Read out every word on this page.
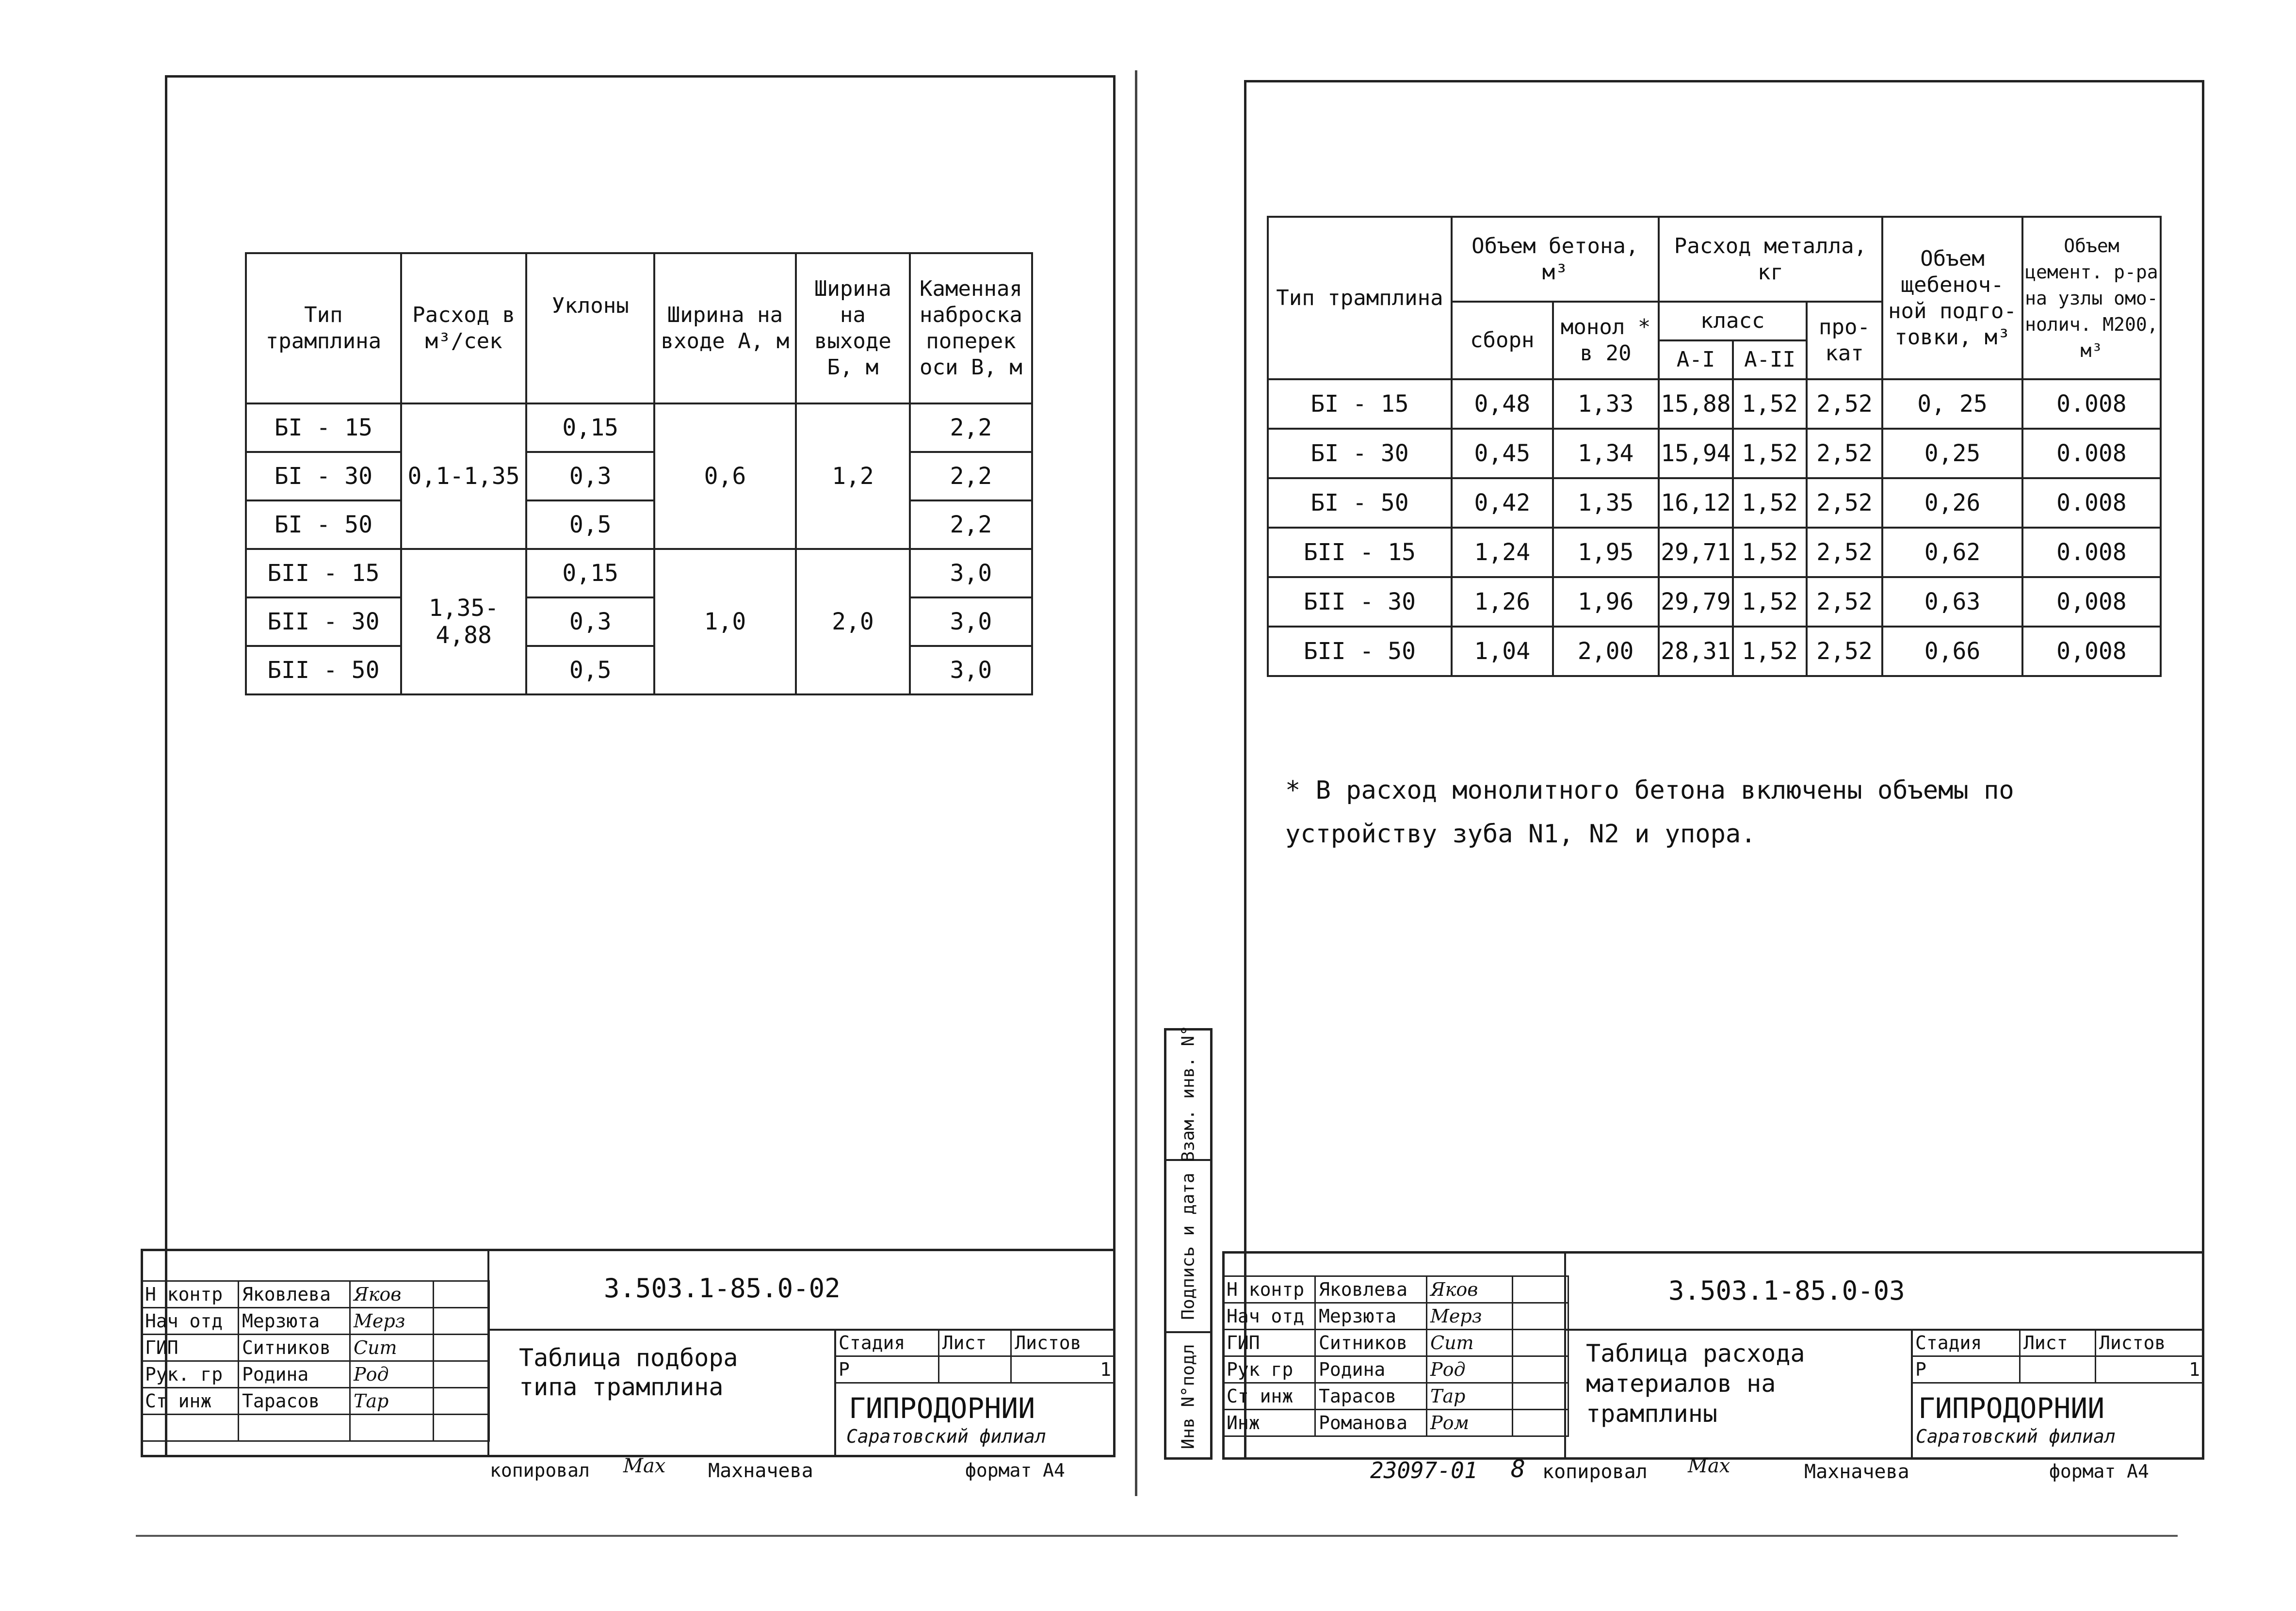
Тип трамплина	Расход в м³/сек	Уклоны	Ширина на входе А, м	Ширина на выходе Б, м	Каменная наброска поперек оси В, м
БI - 15	0,1-1,35	0,15	0,6	1,2	2,2
БI - 30		0,3			2,2
БI - 50		0,5			2,2
БII - 15	1,35-4,88	0,15	1,0	2,0	3,0
БII - 30		0,3			3,0
БII - 50		0,5			3,0
Н контр	Яковлева	Яков	
Нач отд	Мерзюта	Мерз	
ГИП	Ситников	Сит	
Рук. гр	Родина	Род	
Ст инж	Тарасов	Тар	

3.503.1-85.0-02
Таблица подбора типа трамплина
Стадия	Лист	Листов
Р		1
ГИПРОДОРНИИ
Саратовский филиал
копировал Мах Махначева	формат А4
Тип трамплина	Объем бетона, м³		Расход металла, кг			Объем щебеноч- ной подго- товки, м³	Объем цемент. р-ра на узлы омо- нолич. М200, м³
	сборн	монол * в 20	класс		про- кат		
			А-I	А-II			
БI - 15	0,48	1,33	15,88	1,52	2,52	0, 25	0.008
БI - 30	0,45	1,34	15,94	1,52	2,52	0,25	0.008
БI - 50	0,42	1,35	16,12	1,52	2,52	0,26	0.008
БII - 15	1,24	1,95	29,71	1,52	2,52	0,62	0.008
БII - 30	1,26	1,96	29,79	1,52	2,52	0,63	0,008
БII - 50	1,04	2,00	28,31	1,52	2,52	0,66	0,008
* В расход монолитного бетона включены объемы по устройству зуба N1, N2 и упора.
Взам. инв. N°
Подпись и дата
Инв N°подл
Н контр	Яковлева	Яков	
Нач отд	Мерзюта	Мерз	
ГИП	Ситников	Сит	
Рук гр	Родина	Род	
Ст инж	Тарасов	Тар	
Инж	Романова	Ром	
3.503.1-85.0-03
Таблица расхода материалов на трамплины
Стадия	Лист	Листов
Р		1
ГИПРОДОРНИИ
Саратовский филиал
23097-01 8 копировал Мах	Махначева	формат А4
